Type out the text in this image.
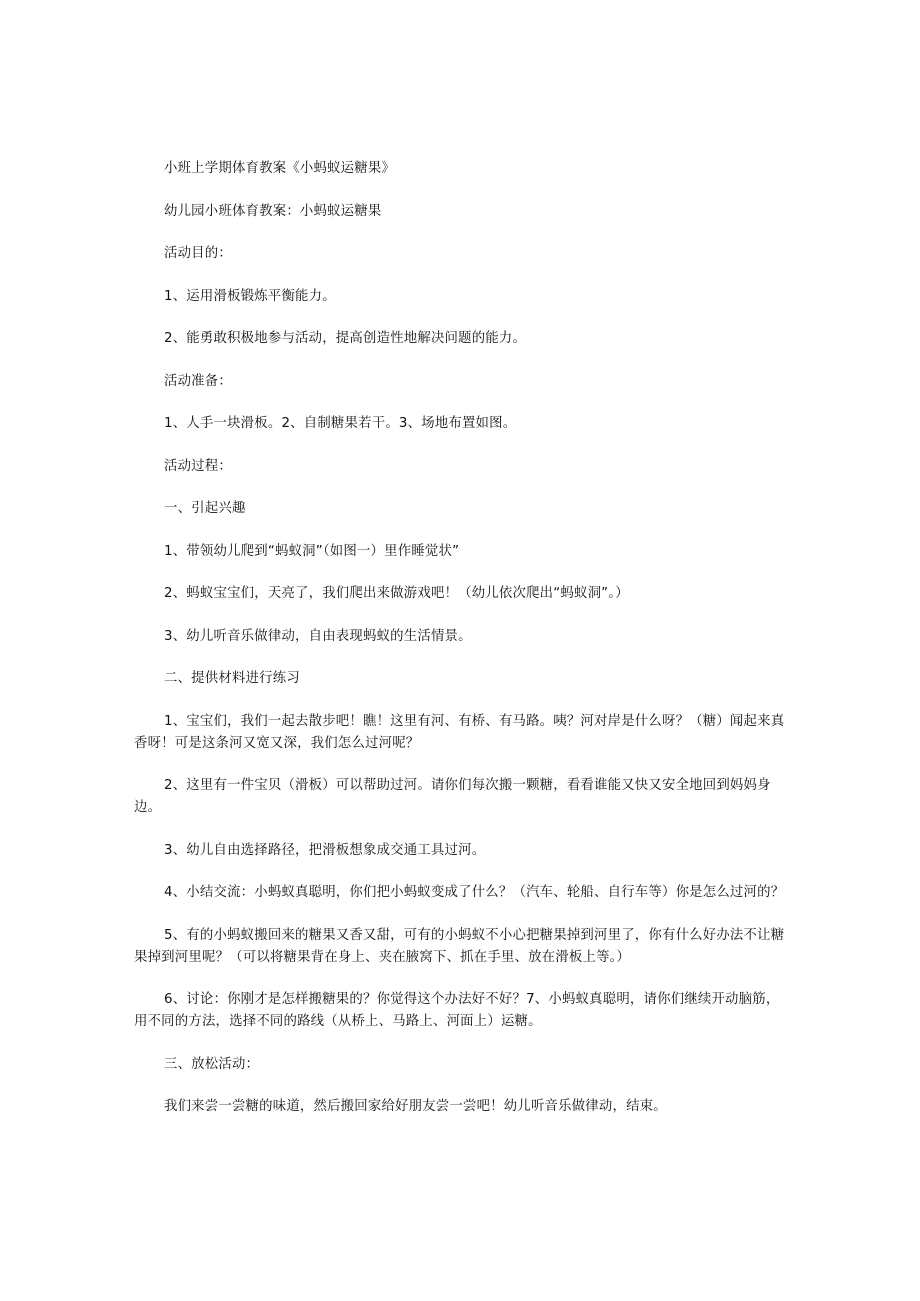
小班上学期体育教案《小蚂蚁运糖果》

幼儿园小班体育教案：小蚂蚁运糖果

活动目的：

1、运用滑板锻炼平衡能力。

2、能勇敢积极地参与活动，提高创造性地解决问题的能力。

活动准备：

1、人手一块滑板。2、自制糖果若干。3、场地布置如图。

活动过程：

一、引起兴趣

1、带领幼儿爬到“蚂蚁洞”（如图一）里作睡觉状”

2、蚂蚁宝宝们，天亮了，我们爬出来做游戏吧！（幼儿依次爬出“蚂蚁洞”。）

3、幼儿听音乐做律动，自由表现蚂蚁的生活情景。

二、提供材料进行练习

1、宝宝们，我们一起去散步吧！瞧！这里有河、有桥、有马路。咦？河对岸是什么呀？（糖）闻起来真香呀！可是这条河又宽又深，我们怎么过河呢？

2、这里有一件宝贝（滑板）可以帮助过河。请你们每次搬一颗糖，看看谁能又快又安全地回到妈妈身边。

3、幼儿自由选择路径，把滑板想象成交通工具过河。

4、小结交流：小蚂蚁真聪明，你们把小蚂蚁变成了什么？（汽车、轮船、自行车等）你是怎么过河的？

5、有的小蚂蚁搬回来的糖果又香又甜，可有的小蚂蚁不小心把糖果掉到河里了，你有什么好办法不让糖果掉到河里呢？（可以将糖果背在身上、夹在腋窝下、抓在手里、放在滑板上等。）

6、讨论：你刚才是怎样搬糖果的？你觉得这个办法好不好？7、小蚂蚁真聪明，请你们继续开动脑筋，用不同的方法，选择不同的路线（从桥上、马路上、河面上）运糖。

三、放松活动：

我们来尝一尝糖的味道，然后搬回家给好朋友尝一尝吧！幼儿听音乐做律动，结束。
